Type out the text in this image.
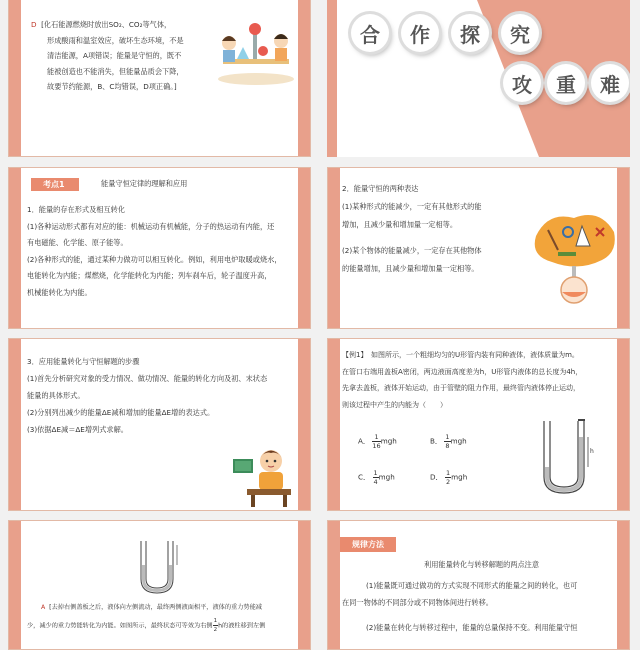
D [化石能源燃烧时放出SO₂、CO₂等气体，
形成酸雨和温室效应，破坏生态环境，不是
清洁能源，A项错误；能量是守恒的，既不
能被创造也不能消失，但能量品质会下降，
故要节约能源，B、C均错误，D项正确。]
合	作	探	究
攻	重	难
考点1	能量守恒定律的理解和应用
1．能量的存在形式及相互转化
(1)各种运动形式都有对应的能：机械运动有机械能，分子的热运动有内能，还
有电磁能、化学能、原子能等。
(2)各种形式的能，通过某种力做功可以相互转化。例如，利用电炉取暖或烧水，
电能转化为内能；煤燃烧，化学能转化为内能；列车刹车后，轮子温度升高，
机械能转化为内能。
2．能量守恒的两种表达
(1)某种形式的能减少，一定有其他形式的能
增加，且减少量和增加量一定相等。
(2)某个物体的能量减少，一定存在其他物体
的能量增加，且减少量和增加量一定相等。
3．应用能量转化与守恒解题的步骤
(1)首先分析研究对象的受力情况、做功情况、能量的转化方向及初、末状态
能量的具体形式。
(2)分别列出减少的能量ΔE减和增加的能量ΔE增的表达式。
(3)依据ΔE减＝ΔE增列式求解。
【例1】　如图所示，一个粗细均匀的U形管内装有同种液体，液体质量为m。
在管口右端用盖板A密闭，两边液面高度差为h，U形管内液体的总长度为4h，
先拿去盖板，液体开始运动，由于管壁的阻力作用，最终管内液体停止运动，
则该过程中产生的内能为（　　）
A． $\frac{1}{16}$ mgh	B． $\frac{1}{8}$ mgh
C． $\frac{1}{4}$ mgh	D． $\frac{1}{2}$ mgh
h
A [去掉右侧盖板之后，液体向左侧流动，最终两侧液面相平，液体的重力势能减
少，减少的重力势能转化为内能。如图所示，最终状态可等效为右侧 $\frac{1}{2}$ h的液柱移到左侧
规律方法
利用能量转化与转移解题的两点注意
(1)能量既可通过做功的方式实现不同形式的能量之间的转化，也可
在同一物体的不同部分或不同物体间进行转移。
(2)能量在转化与转移过程中，能量的总量保持不变。利用能量守恒
